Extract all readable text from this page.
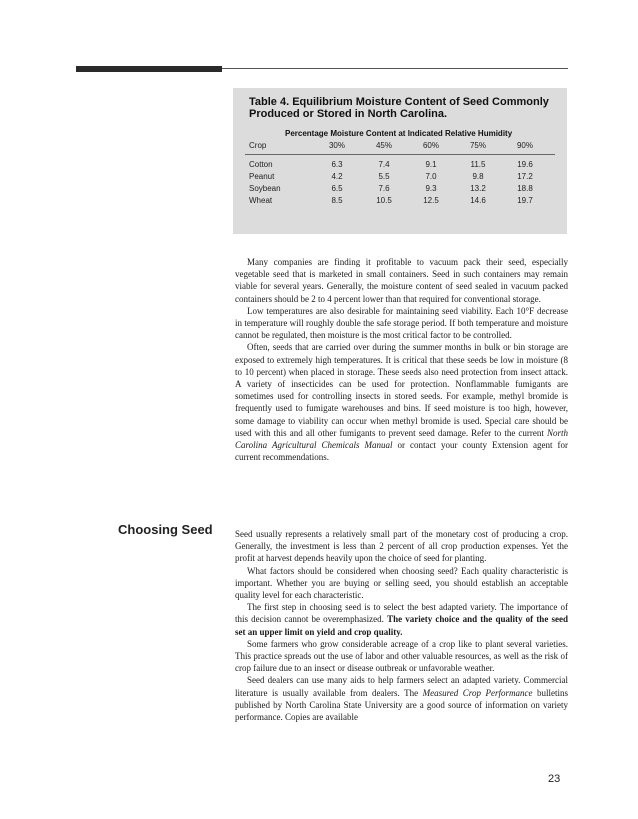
Table 4. Equilibrium Moisture Content of Seed Commonly Produced or Stored in North Carolina.
Percentage Moisture Content at Indicated Relative Humidity
Crop	30%	45%	60%	75%	90%
Cotton	6.3	7.4	9.1	11.5	19.6
Peanut	4.2	5.5	7.0	9.8	17.2
Soybean	6.5	7.6	9.3	13.2	18.8
Wheat	8.5	10.5	12.5	14.6	19.7

Many companies are finding it profitable to vacuum pack their seed, especially vegetable seed that is marketed in small containers. Seed in such containers may remain viable for several years. Generally, the moisture content of seed sealed in vacuum packed containers should be 2 to 4 percent lower than that required for conventional storage.

Low temperatures are also desirable for maintaining seed viability. Each 10°F decrease in temperature will roughly double the safe storage period. If both temperature and moisture cannot be regulated, then moisture is the most critical factor to be controlled.

Often, seeds that are carried over during the summer months in bulk or bin storage are exposed to extremely high temperatures. It is critical that these seeds be low in moisture (8 to 10 percent) when placed in storage. These seeds also need protection from insect attack. A variety of insecticides can be used for protection. Nonflammable fumigants are sometimes used for controlling insects in stored seeds. For example, methyl bromide is frequently used to fumigate warehouses and bins. If seed moisture is too high, however, some damage to viability can occur when methyl bromide is used. Special care should be used with this and all other fumigants to prevent seed damage. Refer to the current North Carolina Agricultural Chemicals Manual or contact your county Extension agent for current recommendations.

Choosing Seed Seed usually represents a relatively small part of the monetary cost of producing a crop. Generally, the investment is less than 2 percent of all crop production expenses. Yet the profit at harvest depends heavily upon the choice of seed for planting.

What factors should be considered when choosing seed? Each quality characteristic is important. Whether you are buying or selling seed, you should establish an acceptable quality level for each characteristic.

The first step in choosing seed is to select the best adapted variety. The importance of this decision cannot be overemphasized. The variety choice and the quality of the seed set an upper limit on yield and crop quality.

Some farmers who grow considerable acreage of a crop like to plant several varieties. This practice spreads out the use of labor and other valuable resources, as well as the risk of crop failure due to an insect or disease outbreak or unfavorable weather.

Seed dealers can use many aids to help farmers select an adapted variety. Commercial literature is usually available from dealers. The Measured Crop Performance bulletins published by North Carolina State University are a good source of information on variety performance. Copies are available

23
